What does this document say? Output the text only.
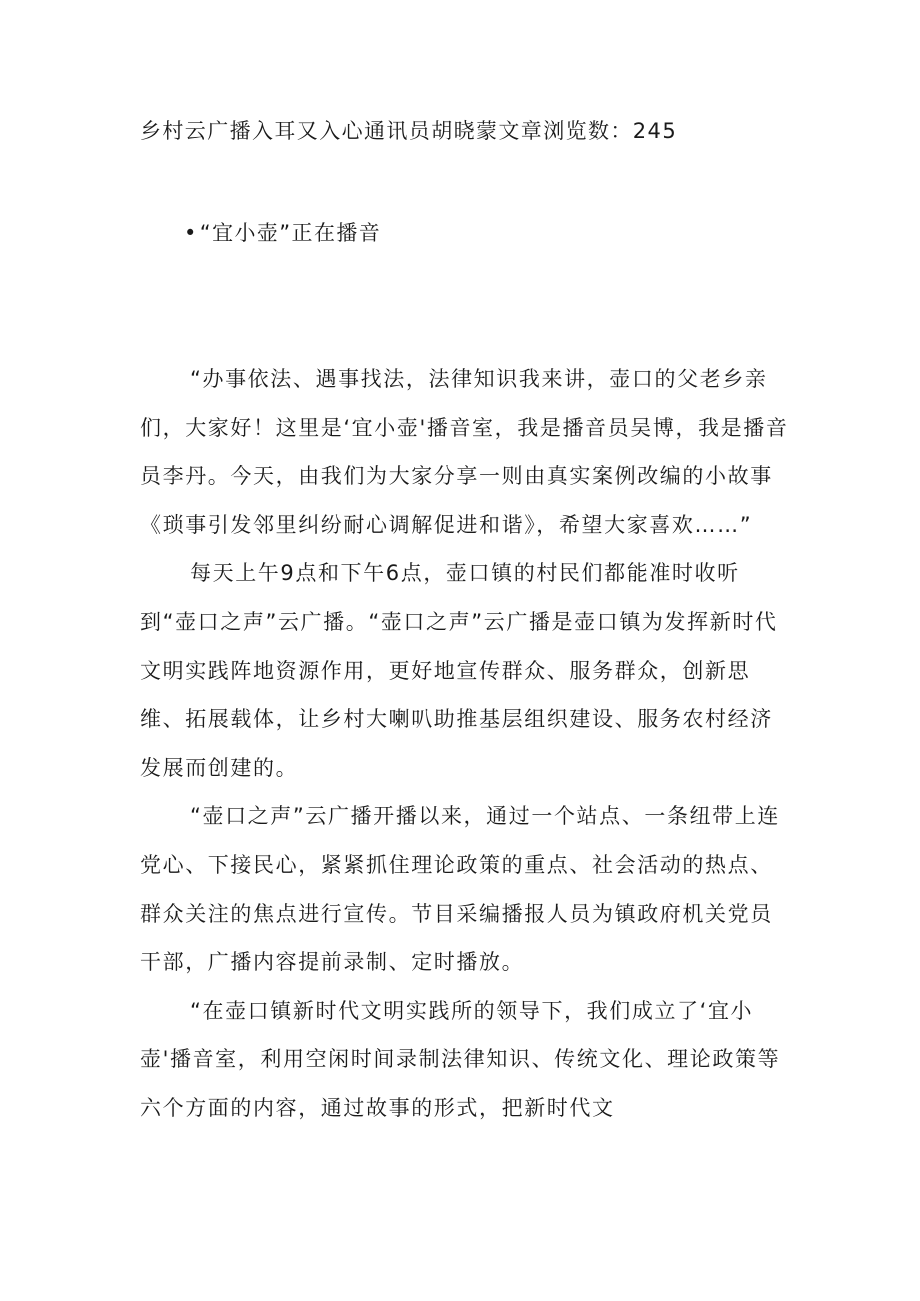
乡村云广播入耳又入心通讯员胡晓蒙文章浏览数：245
•“宜小壶”正在播音

“办事依法、遇事找法，法律知识我来讲，壶口的父老乡亲们，大家好！这里是‘宜小壶'播音室，我是播音员吴博，我是播音员李丹。今天，由我们为大家分享一则由真实案例改编的小故事《琐事引发邻里纠纷耐心调解促进和谐》，希望大家喜欢……”

每天上午9点和下午6点，壶口镇的村民们都能准时收听到“壶口之声”云广播。“壶口之声”云广播是壶口镇为发挥新时代文明实践阵地资源作用，更好地宣传群众、服务群众，创新思维、拓展载体，让乡村大喇叭助推基层组织建设、服务农村经济发展而创建的。

“壶口之声”云广播开播以来，通过一个站点、一条纽带上连党心、下接民心，紧紧抓住理论政策的重点、社会活动的热点、群众关注的焦点进行宣传。节目采编播报人员为镇政府机关党员干部，广播内容提前录制、定时播放。

“在壶口镇新时代文明实践所的领导下，我们成立了‘宜小壶'播音室，利用空闲时间录制法律知识、传统文化、理论政策等六个方面的内容，通过故事的形式，把新时代文
